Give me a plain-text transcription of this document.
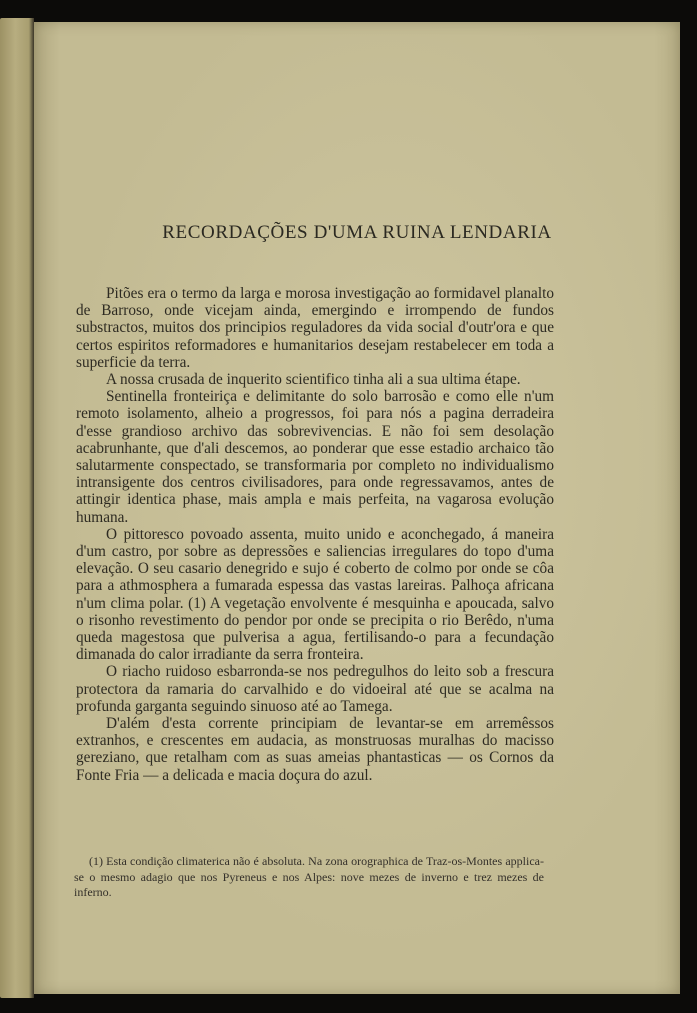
RECORDAÇÕES D'UMA RUINA LENDARIA

Pitões era o termo da larga e morosa investigação ao formidavel planalto de Barroso, onde vicejam ainda, emergindo e irrompendo de fundos substractos, muitos dos principios reguladores da vida social d'outr'ora e que certos espiritos reformadores e humanitarios desejam restabelecer em toda a superficie da terra.

A nossa crusada de inquerito scientifico tinha ali a sua ultima étape.

Sentinella fronteiriça e delimitante do solo barrosão e como elle n'um remoto isolamento, alheio a progressos, foi para nós a pagina derradeira d'esse grandioso archivo das sobrevivencias. E não foi sem desolação acabrunhante, que d'ali descemos, ao ponderar que esse estadio archaico tão salutarmente conspectado, se transformaria por completo no individualismo intransigente dos centros civilisadores, para onde regressavamos, antes de attingir identica phase, mais ampla e mais perfeita, na vagarosa evolução humana.

O pittoresco povoado assenta, muito unido e aconchegado, á maneira d'um castro, por sobre as depressões e saliencias irregulares do topo d'uma elevação. O seu casario denegrido e sujo é coberto de colmo por onde se côa para a athmosphera a fumarada espessa das vastas lareiras. Palhoça africana n'um clima polar. (1) A vegetação envolvente é mesquinha e apoucada, salvo o risonho revestimento do pendor por onde se precipita o rio Berêdo, n'uma queda magestosa que pulverisa a agua, fertilisando-o para a fecundação dimanada do calor irradiante da serra fronteira.

O riacho ruidoso esbarronda-se nos pedregulhos do leito sob a frescura protectora da ramaria do carvalhido e do vidoeiral até que se acalma na profunda garganta seguindo sinuoso até ao Tamega.

D'além d'esta corrente principiam de levantar-se em arremêssos extranhos, e crescentes em audacia, as monstruosas muralhas do macisso gereziano, que retalham com as suas ameias phantasticas — os Cornos da Fonte Fria — a delicada e macia doçura do azul.

(1) Esta condição climaterica não é absoluta. Na zona orographica de Traz-os-Montes applica-se o mesmo adagio que nos Pyreneus e nos Alpes: nove mezes de inverno e trez mezes de inferno.
